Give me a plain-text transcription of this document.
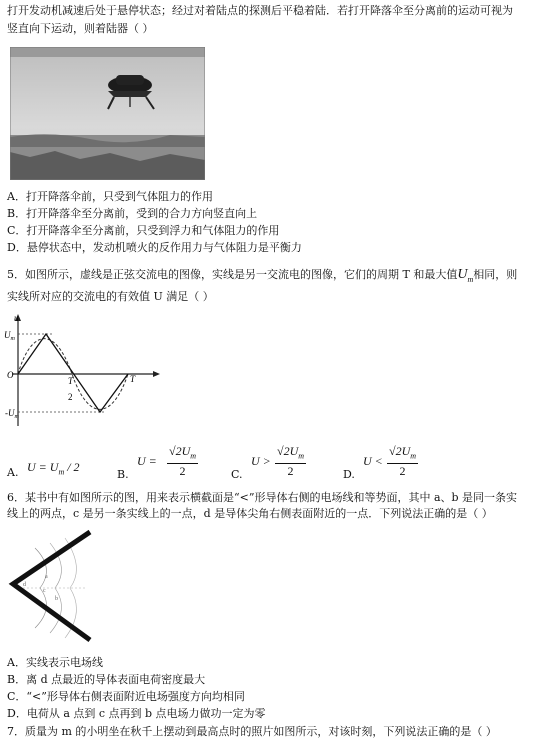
打开发动机减速后处于悬停状态；经过对着陆点的探测后平稳着陆．若打开降落伞至分离前的运动可视为
竖直向下运动，则着陆器（ ）
A．打开降落伞前，只受到气体阻力的作用
B．打开降落伞至分离前，受到的合力方向竖直向上
C．打开降落伞至分离前，只受到浮力和气体阻力的作用
D．悬停状态中，发动机喷火的反作用力与气体阻力是平衡力
5．如图所示，虚线是正弦交流电的图像，实线是另一交流电的图像，它们的周期 T 和最大值$U_m$相同，则
实线所对应的交流电的有效值 U 满足（ ）
u
$U_m$
O	T
T
2
$-U_m$
A. $U = U_m / 2$
B.
$U = \frac{√2U_m}{2}$	C.
$U > \frac{√2U_m}{2}$	D.
$U < \frac{√2U_m}{2}$
6．某书中有如图所示的图，用来表示横截面是“<”形导体右侧的电场线和等势面，其中 a、b 是同一条实
线上的两点，c 是另一条实线上的一点，d 是导体尖角右侧表面附近的一点．下列说法正确的是（ ）
a
b
c
d
A．实线表示电场线
B．离 d 点最近的导体表面电荷密度最大
C．“<”形导体右侧表面附近电场强度方向均相同
D．电荷从 a 点到 c 点再到 b 点电场力做功一定为零
7．质量为 m 的小明坐在秋千上摆动到最高点时的照片如图所示，对该时刻，下列说法正确的是（ ）
